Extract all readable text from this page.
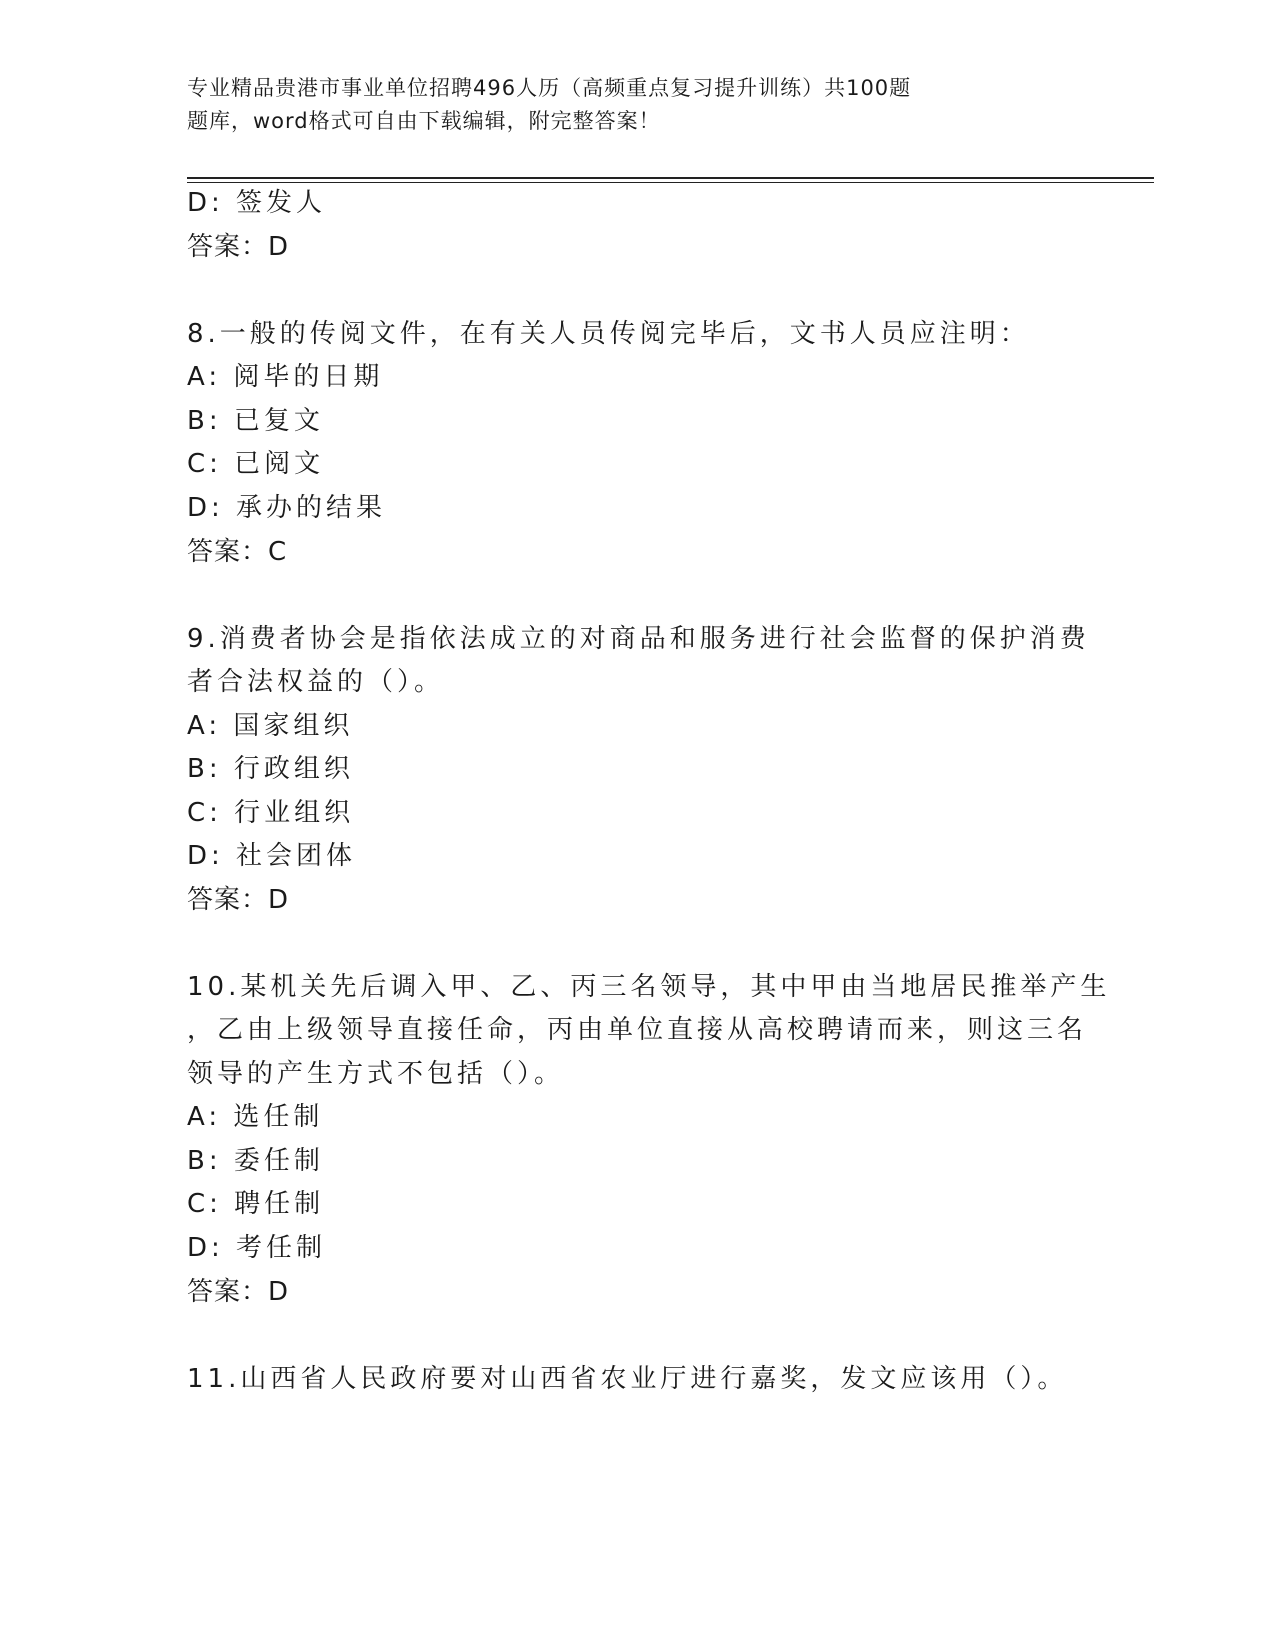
专业精品贵港市事业单位招聘496人历（高频重点复习提升训练）共100题
题库，word格式可自由下载编辑，附完整答案！
D: 签发人
答案：D
8.一般的传阅文件，在有关人员传阅完毕后，文书人员应注明：
A: 阅毕的日期
B: 已复文
C: 已阅文
D: 承办的结果
答案：C
9.消费者协会是指依法成立的对商品和服务进行社会监督的保护消费
者合法权益的（）。
A: 国家组织
B: 行政组织
C: 行业组织
D: 社会团体
答案：D
10.某机关先后调入甲、乙、丙三名领导，其中甲由当地居民推举产生
，乙由上级领导直接任命，丙由单位直接从高校聘请而来，则这三名
领导的产生方式不包括（）。
A: 选任制
B: 委任制
C: 聘任制
D: 考任制
答案：D
11.山西省人民政府要对山西省农业厅进行嘉奖，发文应该用（）。
